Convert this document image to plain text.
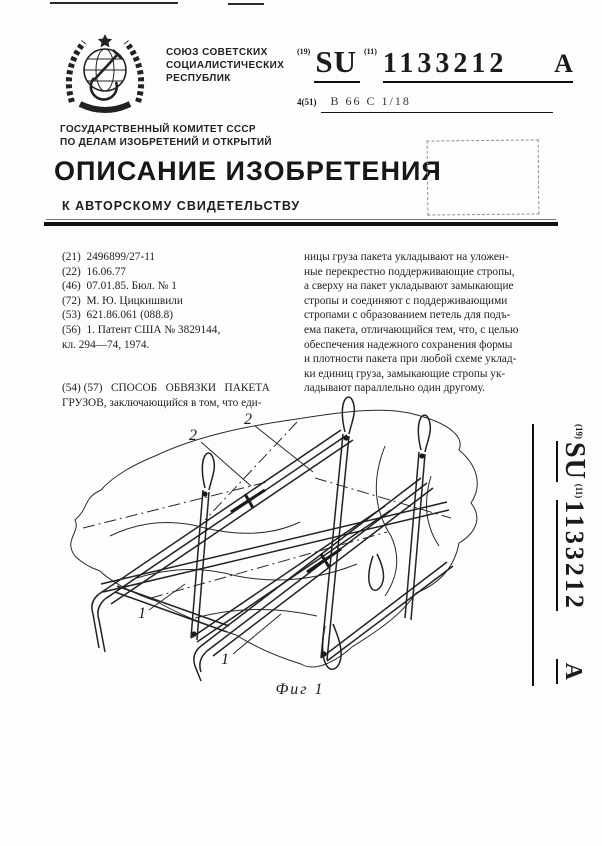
СОЮЗ СОВЕТСКИХ
СОЦИАЛИСТИЧЕСКИХ
РЕСПУБЛИК
$^{(19)}$ SU $^{(11)}$ 1133212 A
4(51) В 66 С 1/18
ГОСУДАРСТВЕННЫЙ КОМИТЕТ СССР
ПО ДЕЛАМ ИЗОБРЕТЕНИЙ И ОТКРЫТИЙ
ОПИСАНИЕ ИЗОБРЕТЕНИЯ
К АВТОРСКОМУ СВИДЕТЕЛЬСТВУ
(21)  2496899/27-11
(22)  16.06.77
(46)  07.01.85. Бюл. № 1
(72)  М. Ю. Цицкишвили
(53)  621.86.061 (088.8)
(56)  1. Патент США № 3829144,
кл. 294—74, 1974.
(54) (57)   СПОСОБ   ОБВЯЗКИ   ПАКЕТА
ГРУЗОВ, заключающийся в том, что еди-
ницы груза пакета укладывают на уложен-
ные перекрестно поддерживающие стропы,
а сверху на пакет укладывают замыкающие
стропы и соединяют с поддерживающими
стропами с образованием петель для подъ-
ема пакета, отличающийся тем, что, с целью
обеспечения надежного сохранения формы
и плотности пакета при любой схеме уклад-
ки единиц груза, замыкающие стропы ук-
ладывают параллельно один другому.
2
2
1
1
Фиг 1
(19)
SU
(11)
1133212
A
